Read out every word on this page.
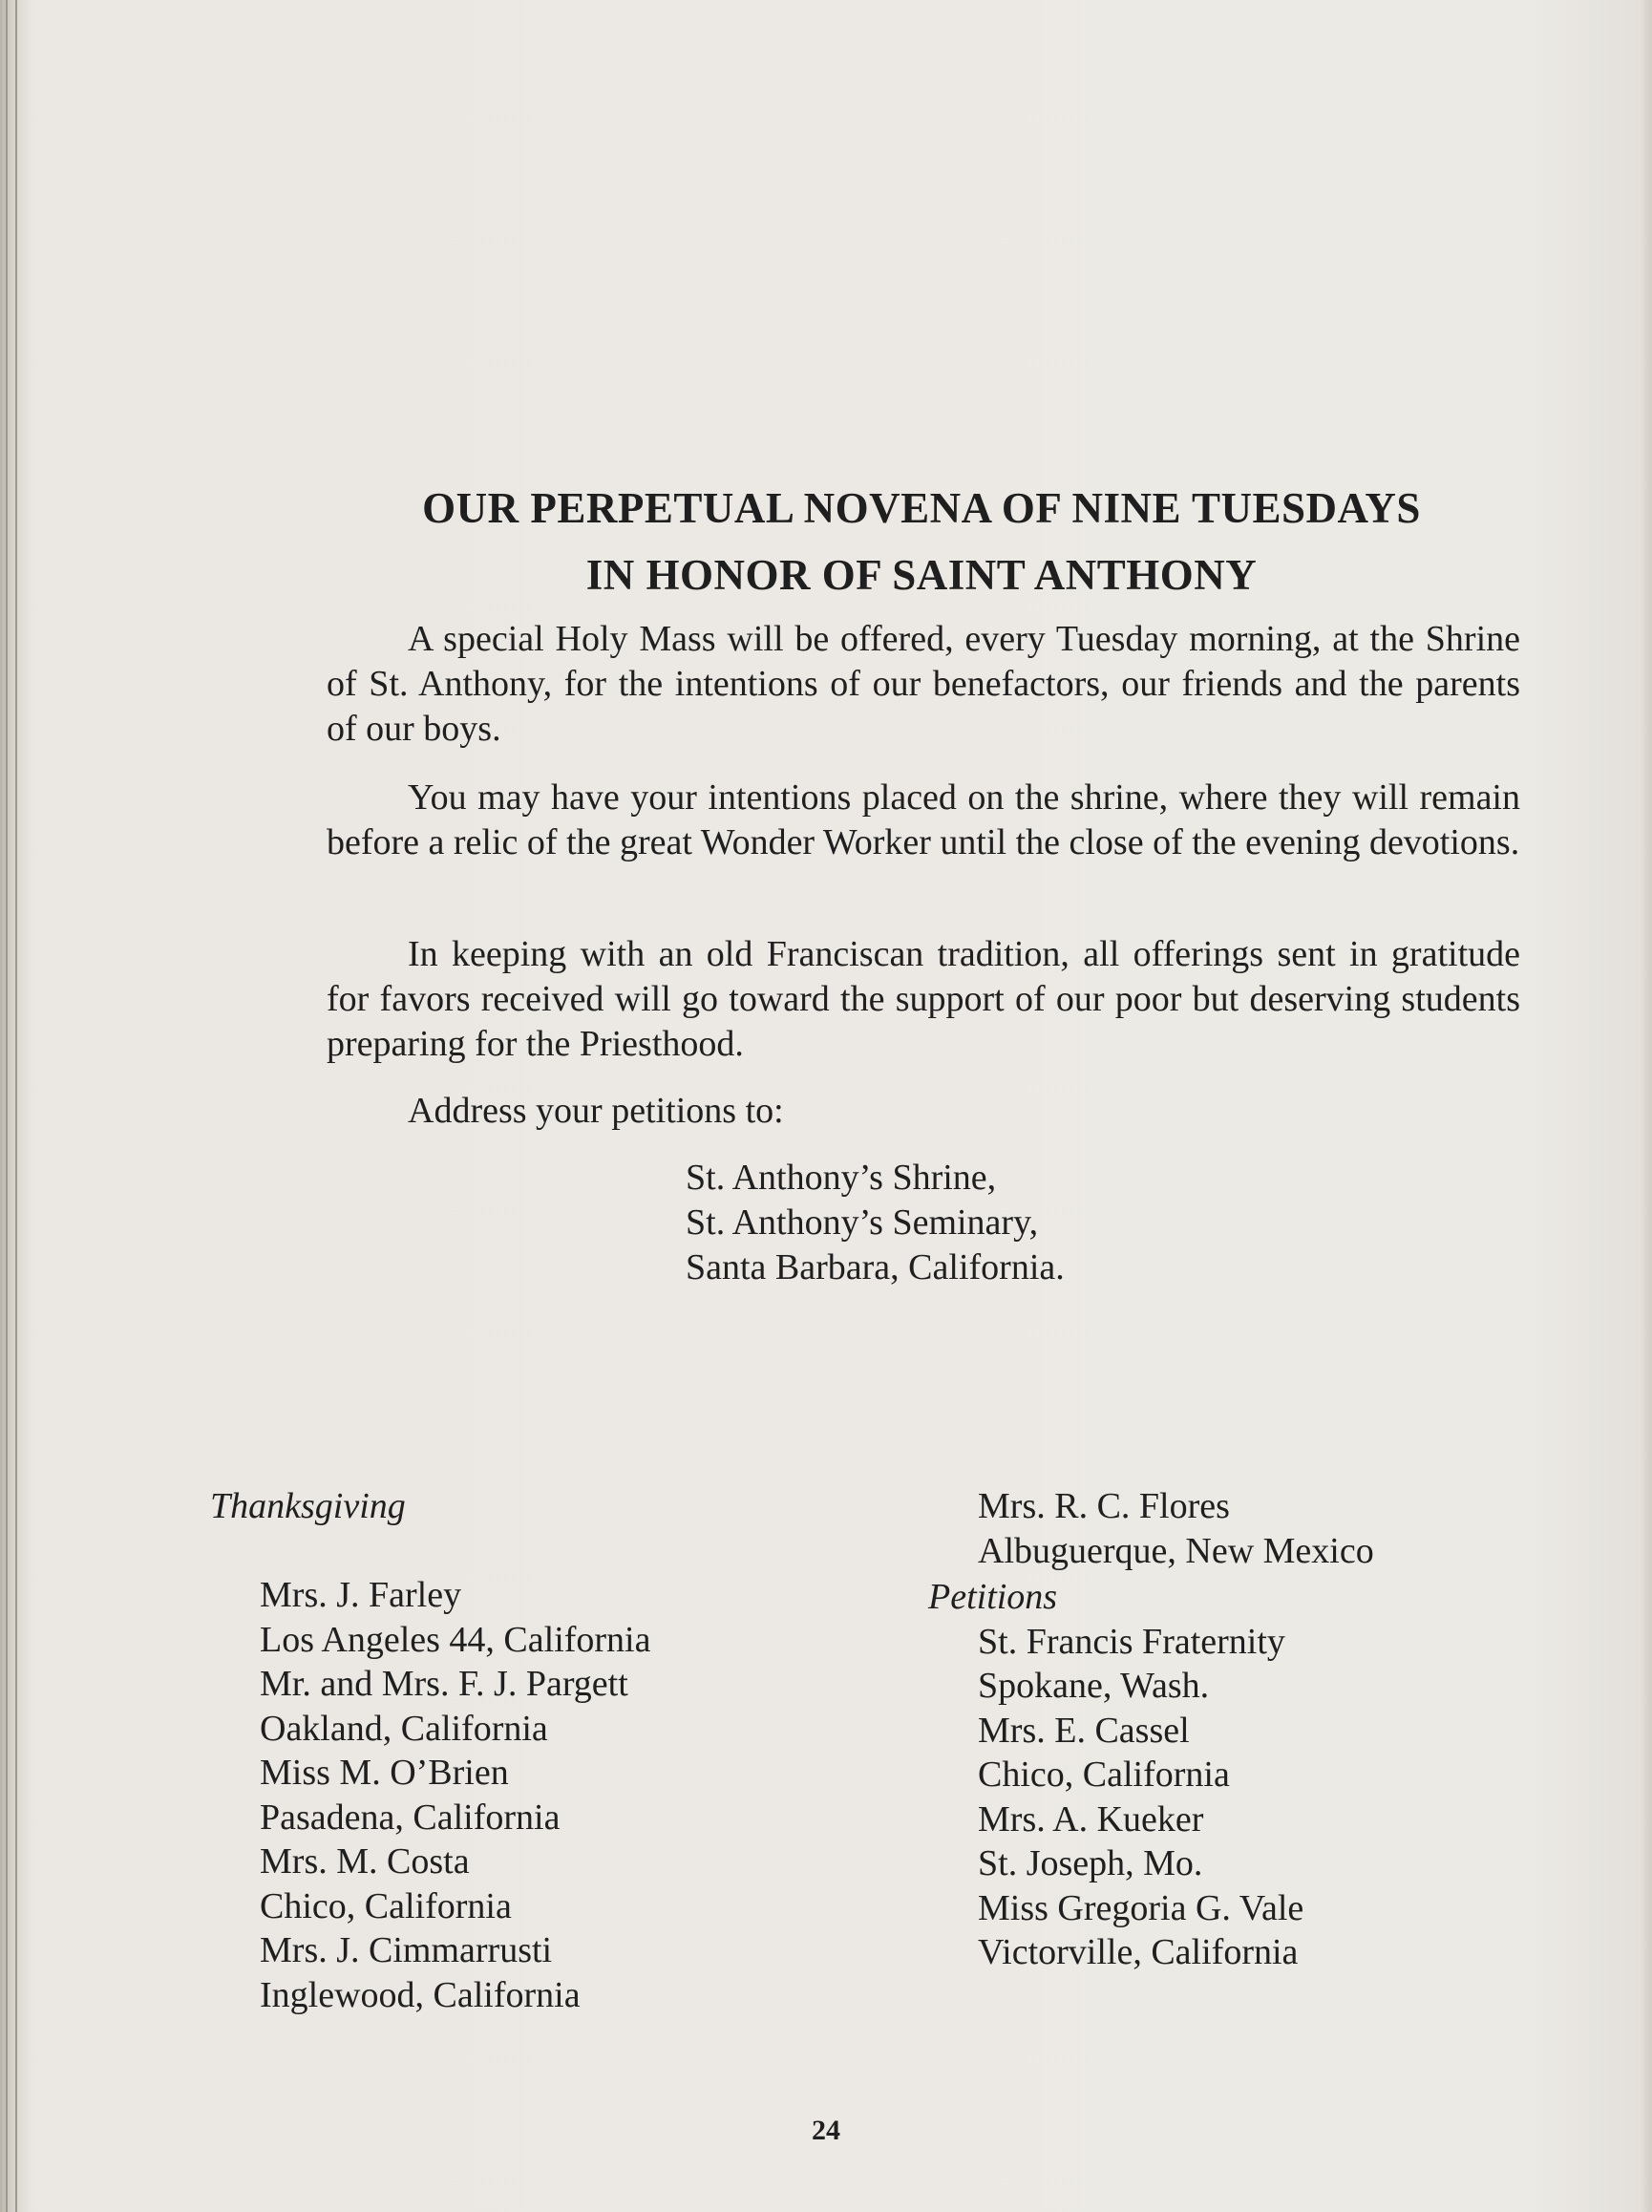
OUR PERPETUAL NOVENA OF NINE TUESDAYS
IN HONOR OF SAINT ANTHONY

A special Holy Mass will be offered, every Tuesday morning, at the Shrine of St. Anthony, for the intentions of our benefactors, our friends and the parents of our boys.

You may have your intentions placed on the shrine, where they will remain before a relic of the great Wonder Worker until the close of the evening devotions.

In keeping with an old Franciscan tradition, all offerings sent in gratitude for favors received will go toward the support of our poor but deserving students preparing for the Priesthood.

Address your petitions to:

St. Anthony’s Shrine,
St. Anthony’s Seminary,
Santa Barbara, California.
Thanksgiving
Mrs. J. Farley
Los Angeles 44, California
Mr. and Mrs. F. J. Pargett
Oakland, California
Miss M. O’Brien
Pasadena, California
Mrs. M. Costa
Chico, California
Mrs. J. Cimmarrusti
Inglewood, California
Mrs. R. C. Flores
Albuguerque, New Mexico
Petitions
St. Francis Fraternity
Spokane, Wash.
Mrs. E. Cassel
Chico, California
Mrs. A. Kueker
St. Joseph, Mo.
Miss Gregoria G. Vale
Victorville, California
24
